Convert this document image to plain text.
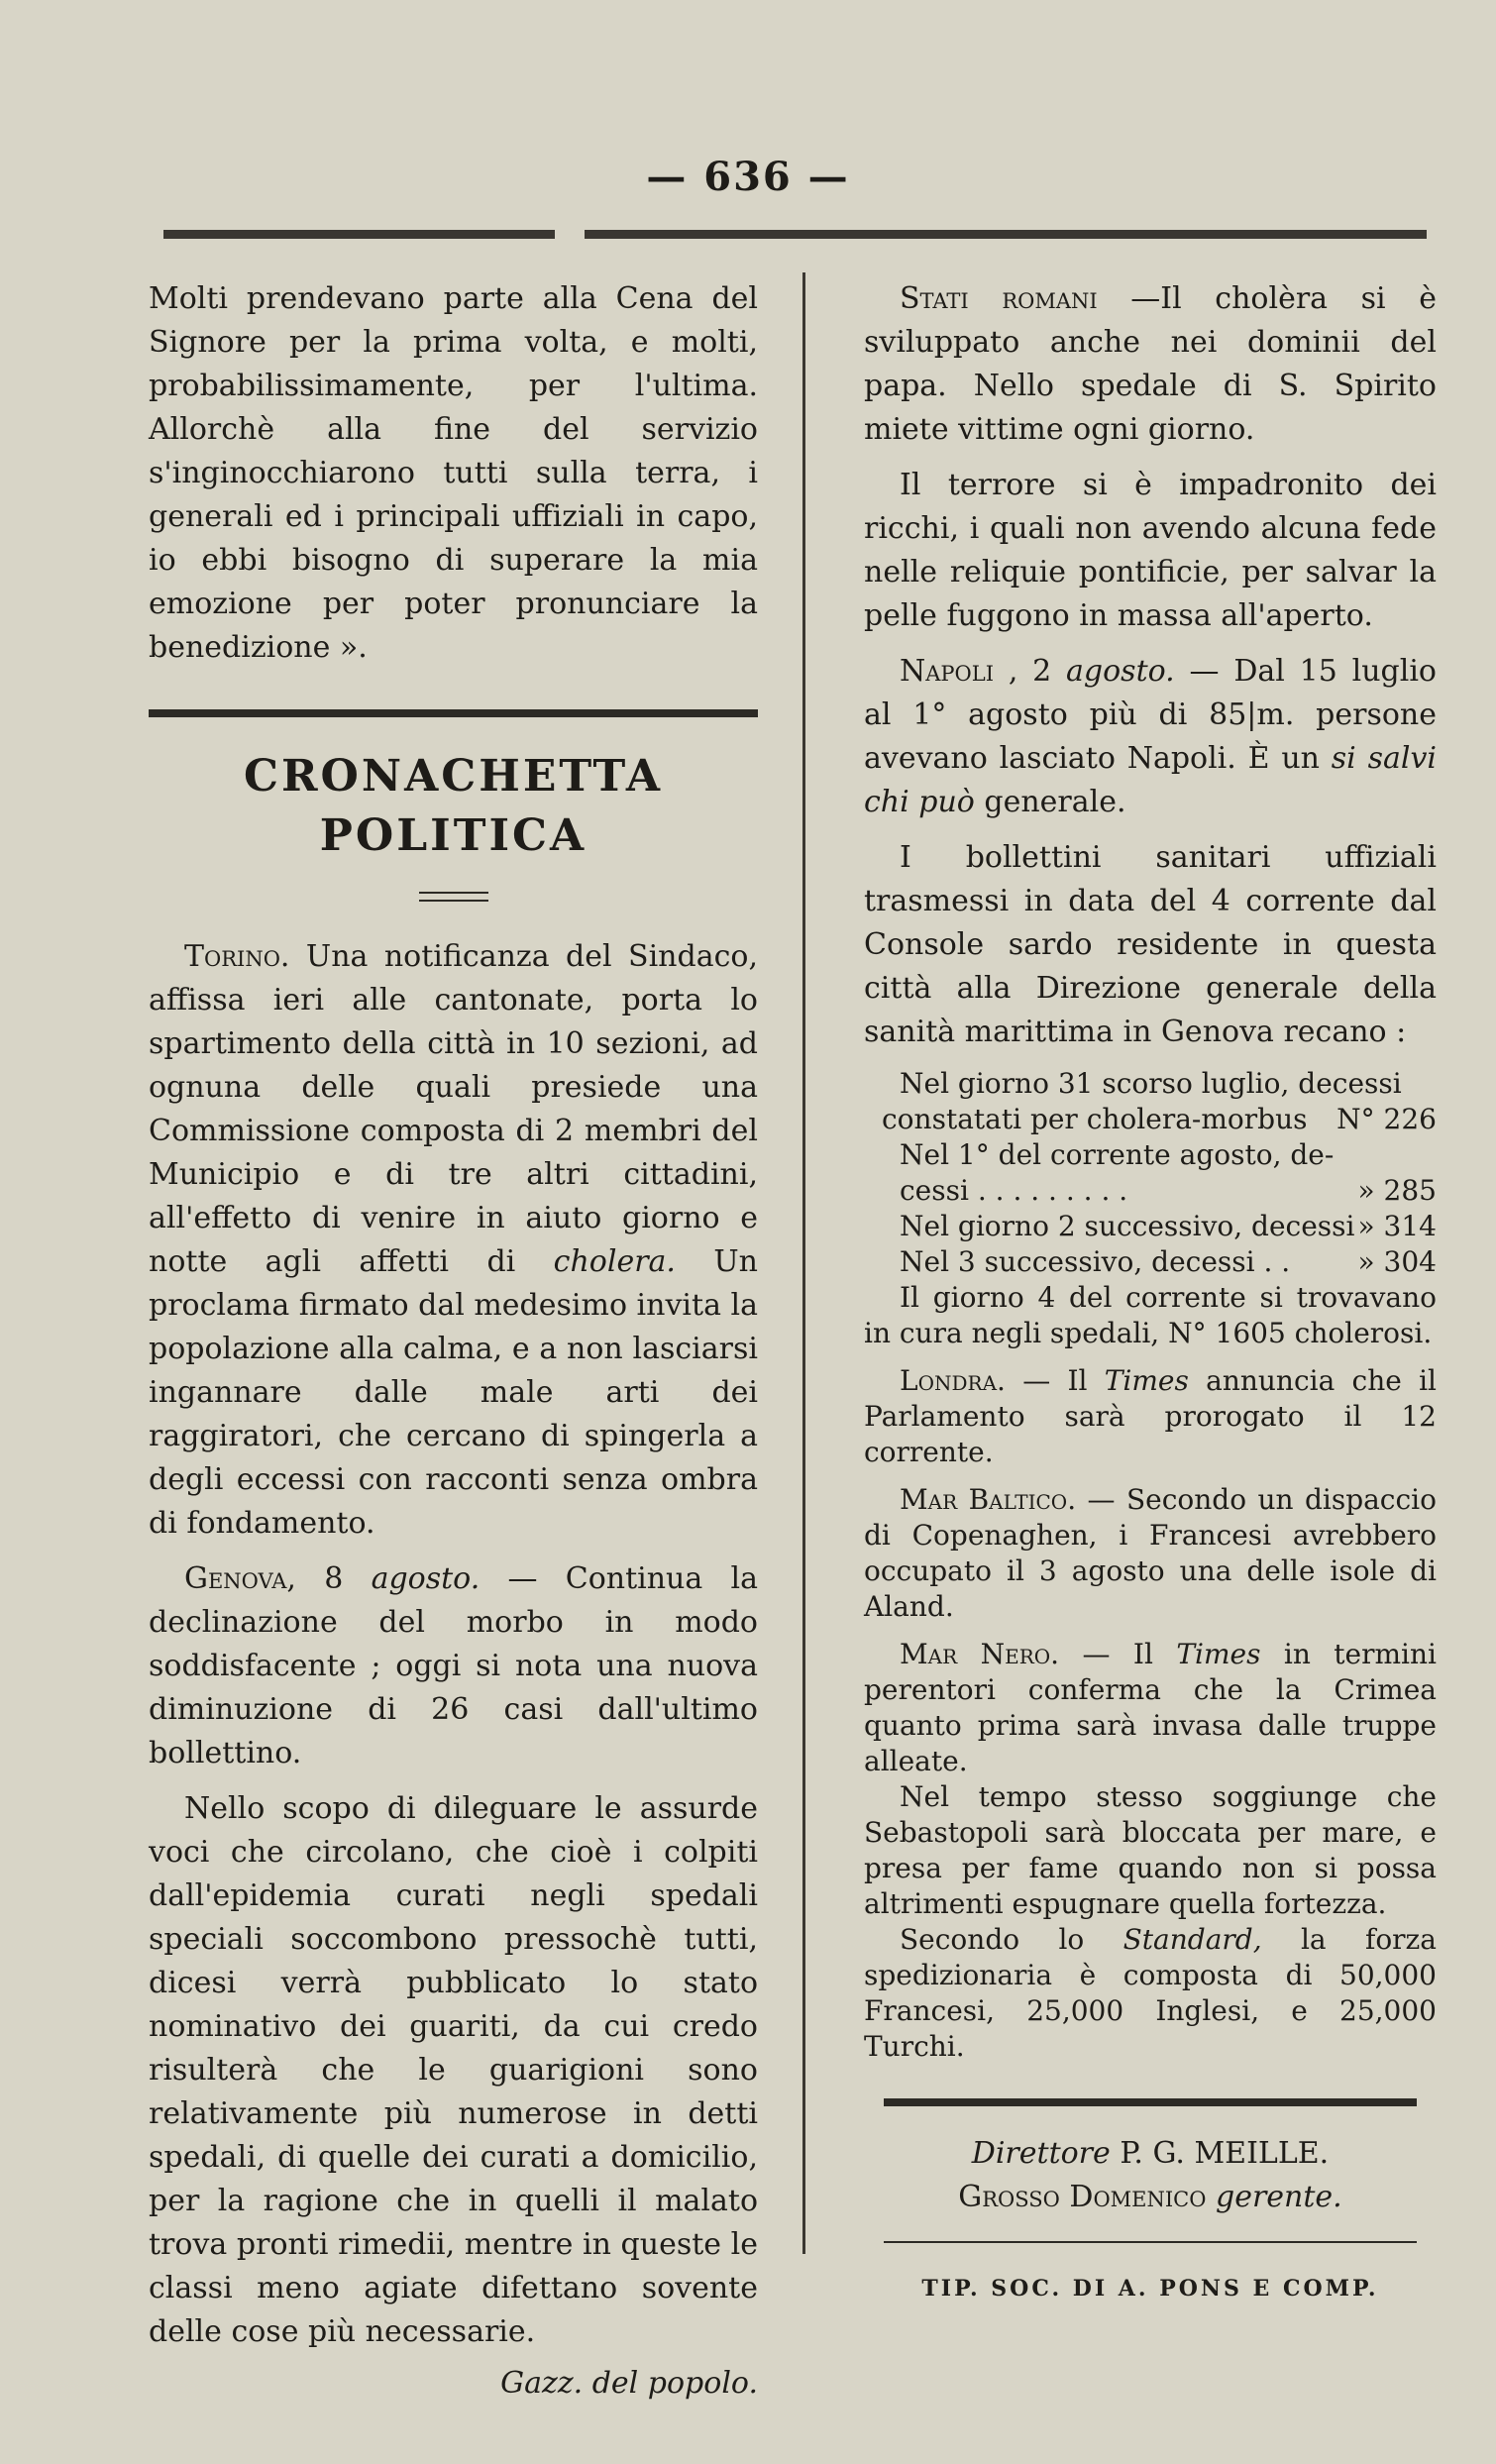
— 636 —

Molti prendevano parte alla Cena del Signore per la prima volta, e molti, probabilissimamente, per l'ultima. Allorchè alla fine del servizio s'inginocchiarono tutti sulla terra, i generali ed i principali uffiziali in capo, io ebbi bisogno di superare la mia emozione per poter pronunciare la benedizione ».

CRONACHETTA POLITICA

Torino. Una notificanza del Sindaco, affissa ieri alle cantonate, porta lo spartimento della città in 10 sezioni, ad ognuna delle quali presiede una Commissione composta di 2 membri del Municipio e di tre altri cittadini, all'effetto di venire in aiuto giorno e notte agli affetti di cholera. Un proclama firmato dal medesimo invita la popolazione alla calma, e a non lasciarsi ingannare dalle male arti dei raggiratori, che cercano di spingerla a degli eccessi con racconti senza ombra di fondamento.

Genova, 8 agosto. — Continua la declinazione del morbo in modo soddisfacente ; oggi si nota una nuova diminuzione di 26 casi dall'ultimo bollettino.

Nello scopo di dileguare le assurde voci che circolano, che cioè i colpiti dall'epidemia curati negli spedali speciali soccombono pressochè tutti, dicesi verrà pubblicato lo stato nominativo dei guariti, da cui credo risulterà che le guarigioni sono relativamente più numerose in detti spedali, di quelle dei curati a domicilio, per la ragione che in quelli il malato trova pronti rimedii, mentre in queste le classi meno agiate difettano sovente delle cose più necessarie.

Gazz. del popolo.

Stati romani —Il cholèra si è sviluppato anche nei dominii del papa. Nello spedale di S. Spirito miete vittime ogni giorno.

Il terrore si è impadronito dei ricchi, i quali non avendo alcuna fede nelle reliquie pontificie, per salvar la pelle fuggono in massa all'aperto.

Napoli , 2 agosto. — Dal 15 luglio al 1° agosto più di 85|m. persone avevano lasciato Napoli. È un si salvi chi può generale.

I bollettini sanitari uffiziali trasmessi in data del 4 corrente dal Console sardo residente in questa città alla Direzione generale della sanità marittima in Genova recano :

Nel giorno 31 scorso luglio, decessi

constatati per cholera-morbus N° 226

Nel 1° del corrente agosto, de-

cessi . . . . . . . . .	» 285
Nel giorno 2 successivo, decessi » 314
Nel 3 successivo, decessi . . » 304

Il giorno 4 del corrente si trovavano in cura negli spedali, N° 1605 cholerosi.

Londra. — Il Times annuncia che il Parlamento sarà prorogato il 12 corrente.

Mar Baltico. — Secondo un dispaccio di Copenaghen, i Francesi avrebbero occupato il 3 agosto una delle isole di Aland.

Mar Nero. — Il Times in termini perentori conferma che la Crimea quanto prima sarà invasa dalle truppe alleate.

Nel tempo stesso soggiunge che Sebastopoli sarà bloccata per mare, e presa per fame quando non si possa altrimenti espugnare quella fortezza.

Secondo lo Standard, la forza spedizionaria è composta di 50,000 Francesi, 25,000 Inglesi, e 25,000 Turchi.

Direttore P. G. MEILLE.

Grosso Domenico gerente.

TIP. SOC. DI A. PONS E COMP.
